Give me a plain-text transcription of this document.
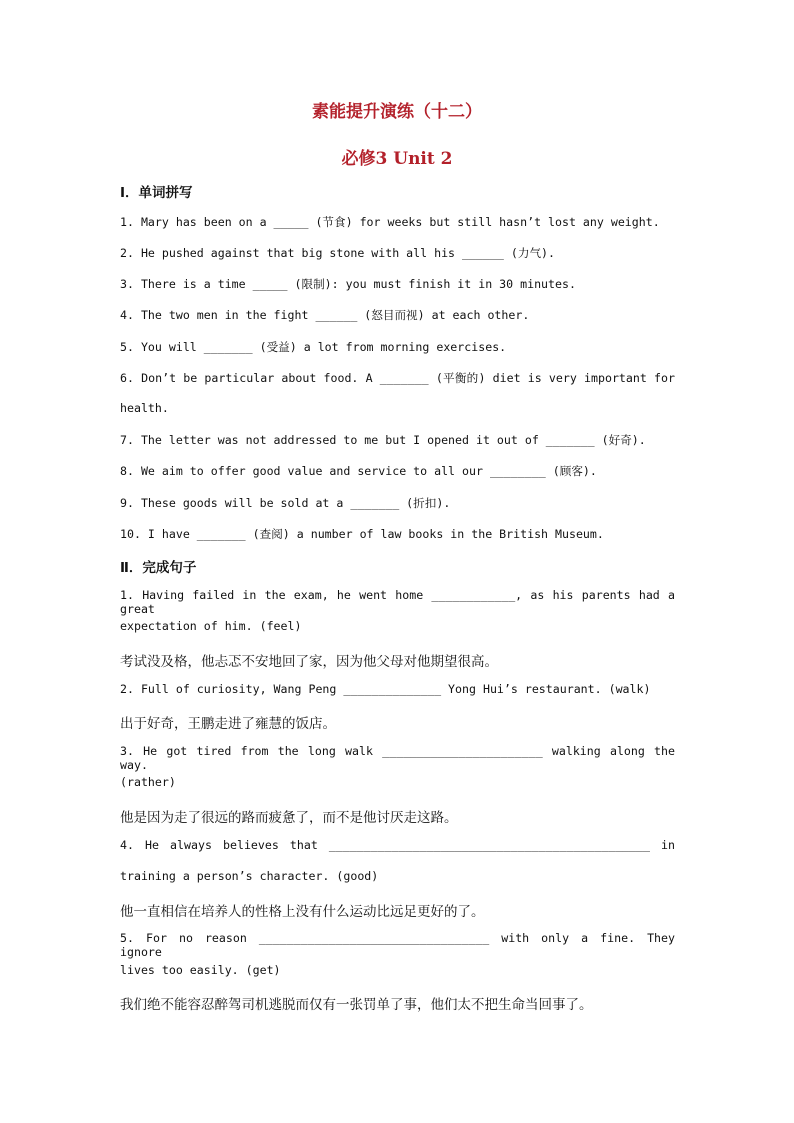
素能提升演练（十二）
必修3 Unit 2
Ⅰ．单词拼写
1. Mary has been on a _____ (节食) for weeks but still hasn’t lost any weight.
2. He pushed against that big stone with all his ______ (力气).
3. There is a time _____ (限制): you must finish it in 30 minutes.
4. The two men in the fight ______ (怒目而视) at each other.
5. You will _______ (受益) a lot from morning exercises.
6. Don’t be particular about food. A _______ (平衡的) diet is very important for
health.
7. The letter was not addressed to me but I opened it out of _______ (好奇).
8. We aim to offer good value and service to all our ________ (顾客).
9. These goods will be sold at a _______ (折扣).
10. I have _______ (查阅) a number of law books in the British Museum.
Ⅱ．完成句子
1. Having failed in the exam, he went home ____________, as his parents had a great
expectation of him. (feel)
考试没及格，他忐忑不安地回了家，因为他父母对他期望很高。
2. Full of curiosity, Wang Peng ______________ Yong Hui’s restaurant. (walk)
出于好奇，王鹏走进了雍慧的饭店。
3. He got tired from the long walk _______________________ walking along the way.
(rather)
他是因为走了很远的路而疲惫了，而不是他讨厌走这路。
4. He always believes that ______________________________________________ in
training a person’s character. (good)
他一直相信在培养人的性格上没有什么运动比远足更好的了。
5. For no reason _________________________________ with only a fine. They ignore
lives too easily. (get)
我们绝不能容忍醉驾司机逃脱而仅有一张罚单了事，他们太不把生命当回事了。
